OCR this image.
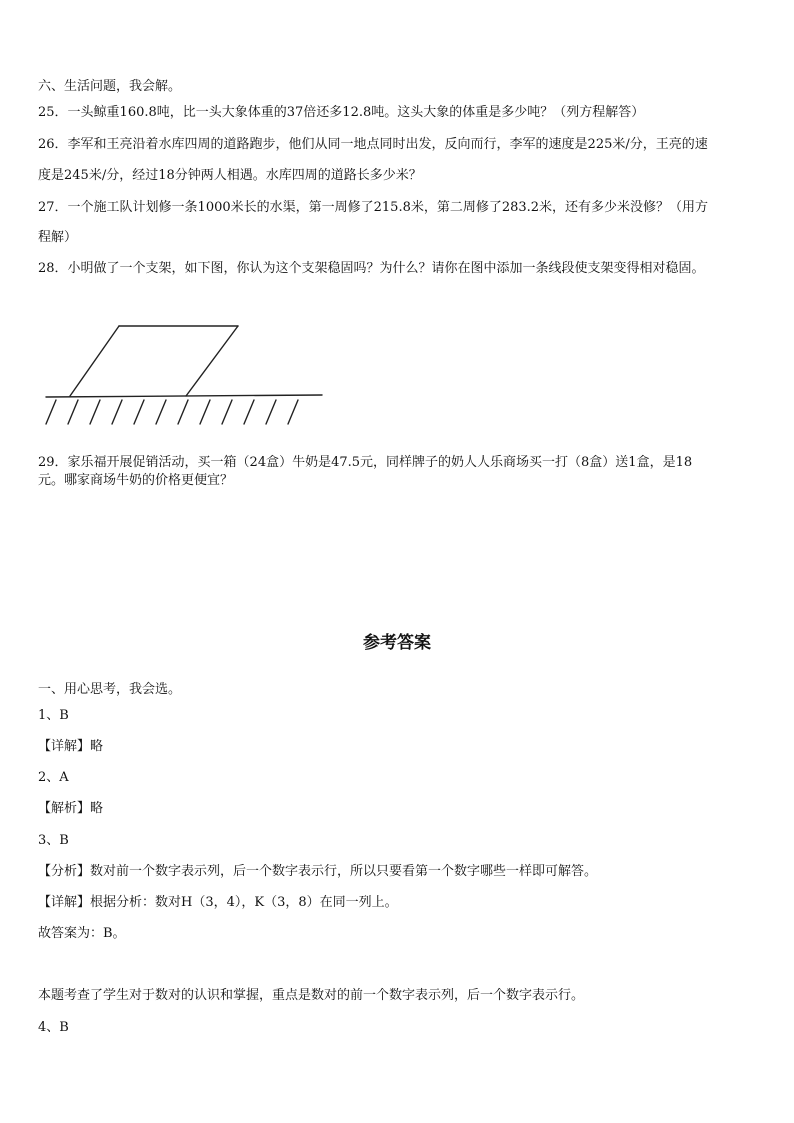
六、生活问题，我会解。
25．一头鲸重160.8吨，比一头大象体重的37倍还多12.8吨。这头大象的体重是多少吨？（列方程解答）
26．李军和王亮沿着水库四周的道路跑步，他们从同一地点同时出发，反向而行，李军的速度是225米/分，王亮的速
度是245米/分，经过18分钟两人相遇。水库四周的道路长多少米？
27．一个施工队计划修一条1000米长的水渠，第一周修了215.8米，第二周修了283.2米，还有多少米没修？（用方
程解）
28．小明做了一个支架，如下图，你认为这个支架稳固吗？为什么？请你在图中添加一条线段使支架变得相对稳固。
29．家乐福开展促销活动，买一箱（24盒）牛奶是47.5元，同样牌子的奶人人乐商场买一打（8盒）送1盒，是18
元。哪家商场牛奶的价格更便宜？
参考答案
一、用心思考，我会选。
1、B
【详解】略
2、A
【解析】略
3、B
【分析】数对前一个数字表示列，后一个数字表示行，所以只要看第一个数字哪些一样即可解答。
【详解】根据分析：数对H（3，4），K（3，8）在同一列上。
故答案为：B。
本题考查了学生对于数对的认识和掌握，重点是数对的前一个数字表示列，后一个数字表示行。
4、B
